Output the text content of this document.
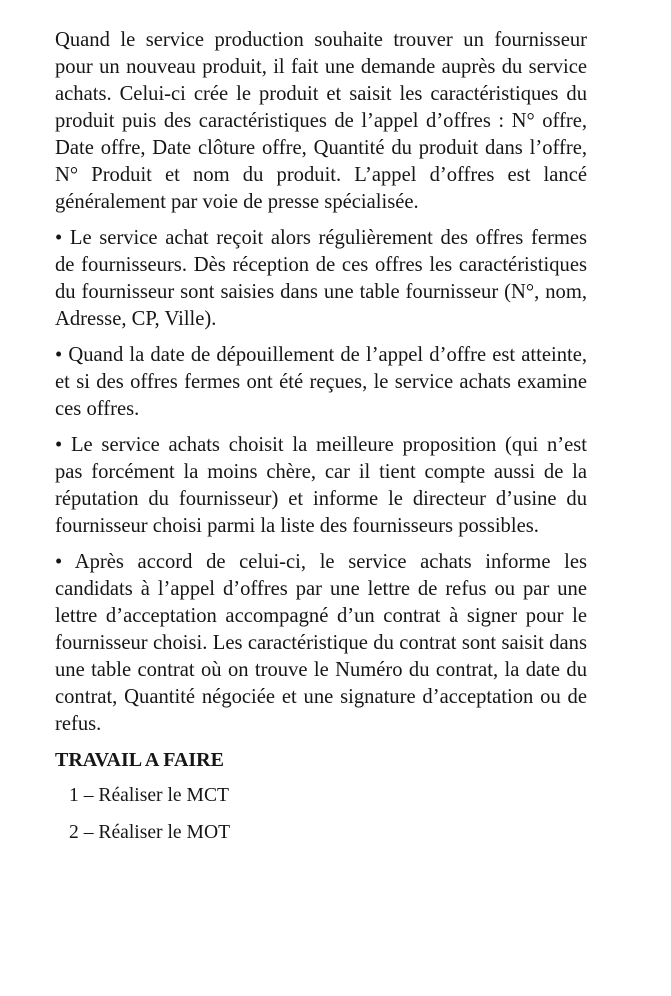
Quand le service production souhaite trouver un fournisseur pour un nouveau produit, il fait une demande auprès du service achats. Celui-ci crée le produit et saisit les caractéristiques du produit puis des caractéristiques de l’appel d’offres : N° offre, Date offre, Date clôture offre, Quantité du produit dans l’offre, N° Produit et nom du produit. L’appel d’offres est lancé généralement par voie de presse spécialisée.

• Le service achat reçoit alors régulièrement des offres fermes de fournisseurs. Dès réception de ces offres les caractéristiques du fournisseur sont saisies dans une table fournisseur (N°, nom, Adresse, CP, Ville).

• Quand la date de dépouillement de l’appel d’offre est atteinte, et si des offres fermes ont été reçues, le service achats examine ces offres.

• Le service achats choisit la meilleure proposition (qui n’est pas forcément la moins chère, car il tient compte aussi de la réputation du fournisseur) et informe le directeur d’usine du fournisseur choisi parmi la liste des fournisseurs possibles.

• Après accord de celui-ci, le service achats informe les candidats à l’appel d’offres par une lettre de refus ou par une lettre d’acceptation accompagné d’un contrat à signer pour le fournisseur choisi. Les caractéristique du contrat sont saisit dans une table contrat où on trouve le Numéro du contrat, la date du contrat, Quantité négociée et une signature d’acceptation ou de refus.

TRAVAIL A FAIRE
1 – Réaliser le MCT
2 – Réaliser le MOT
